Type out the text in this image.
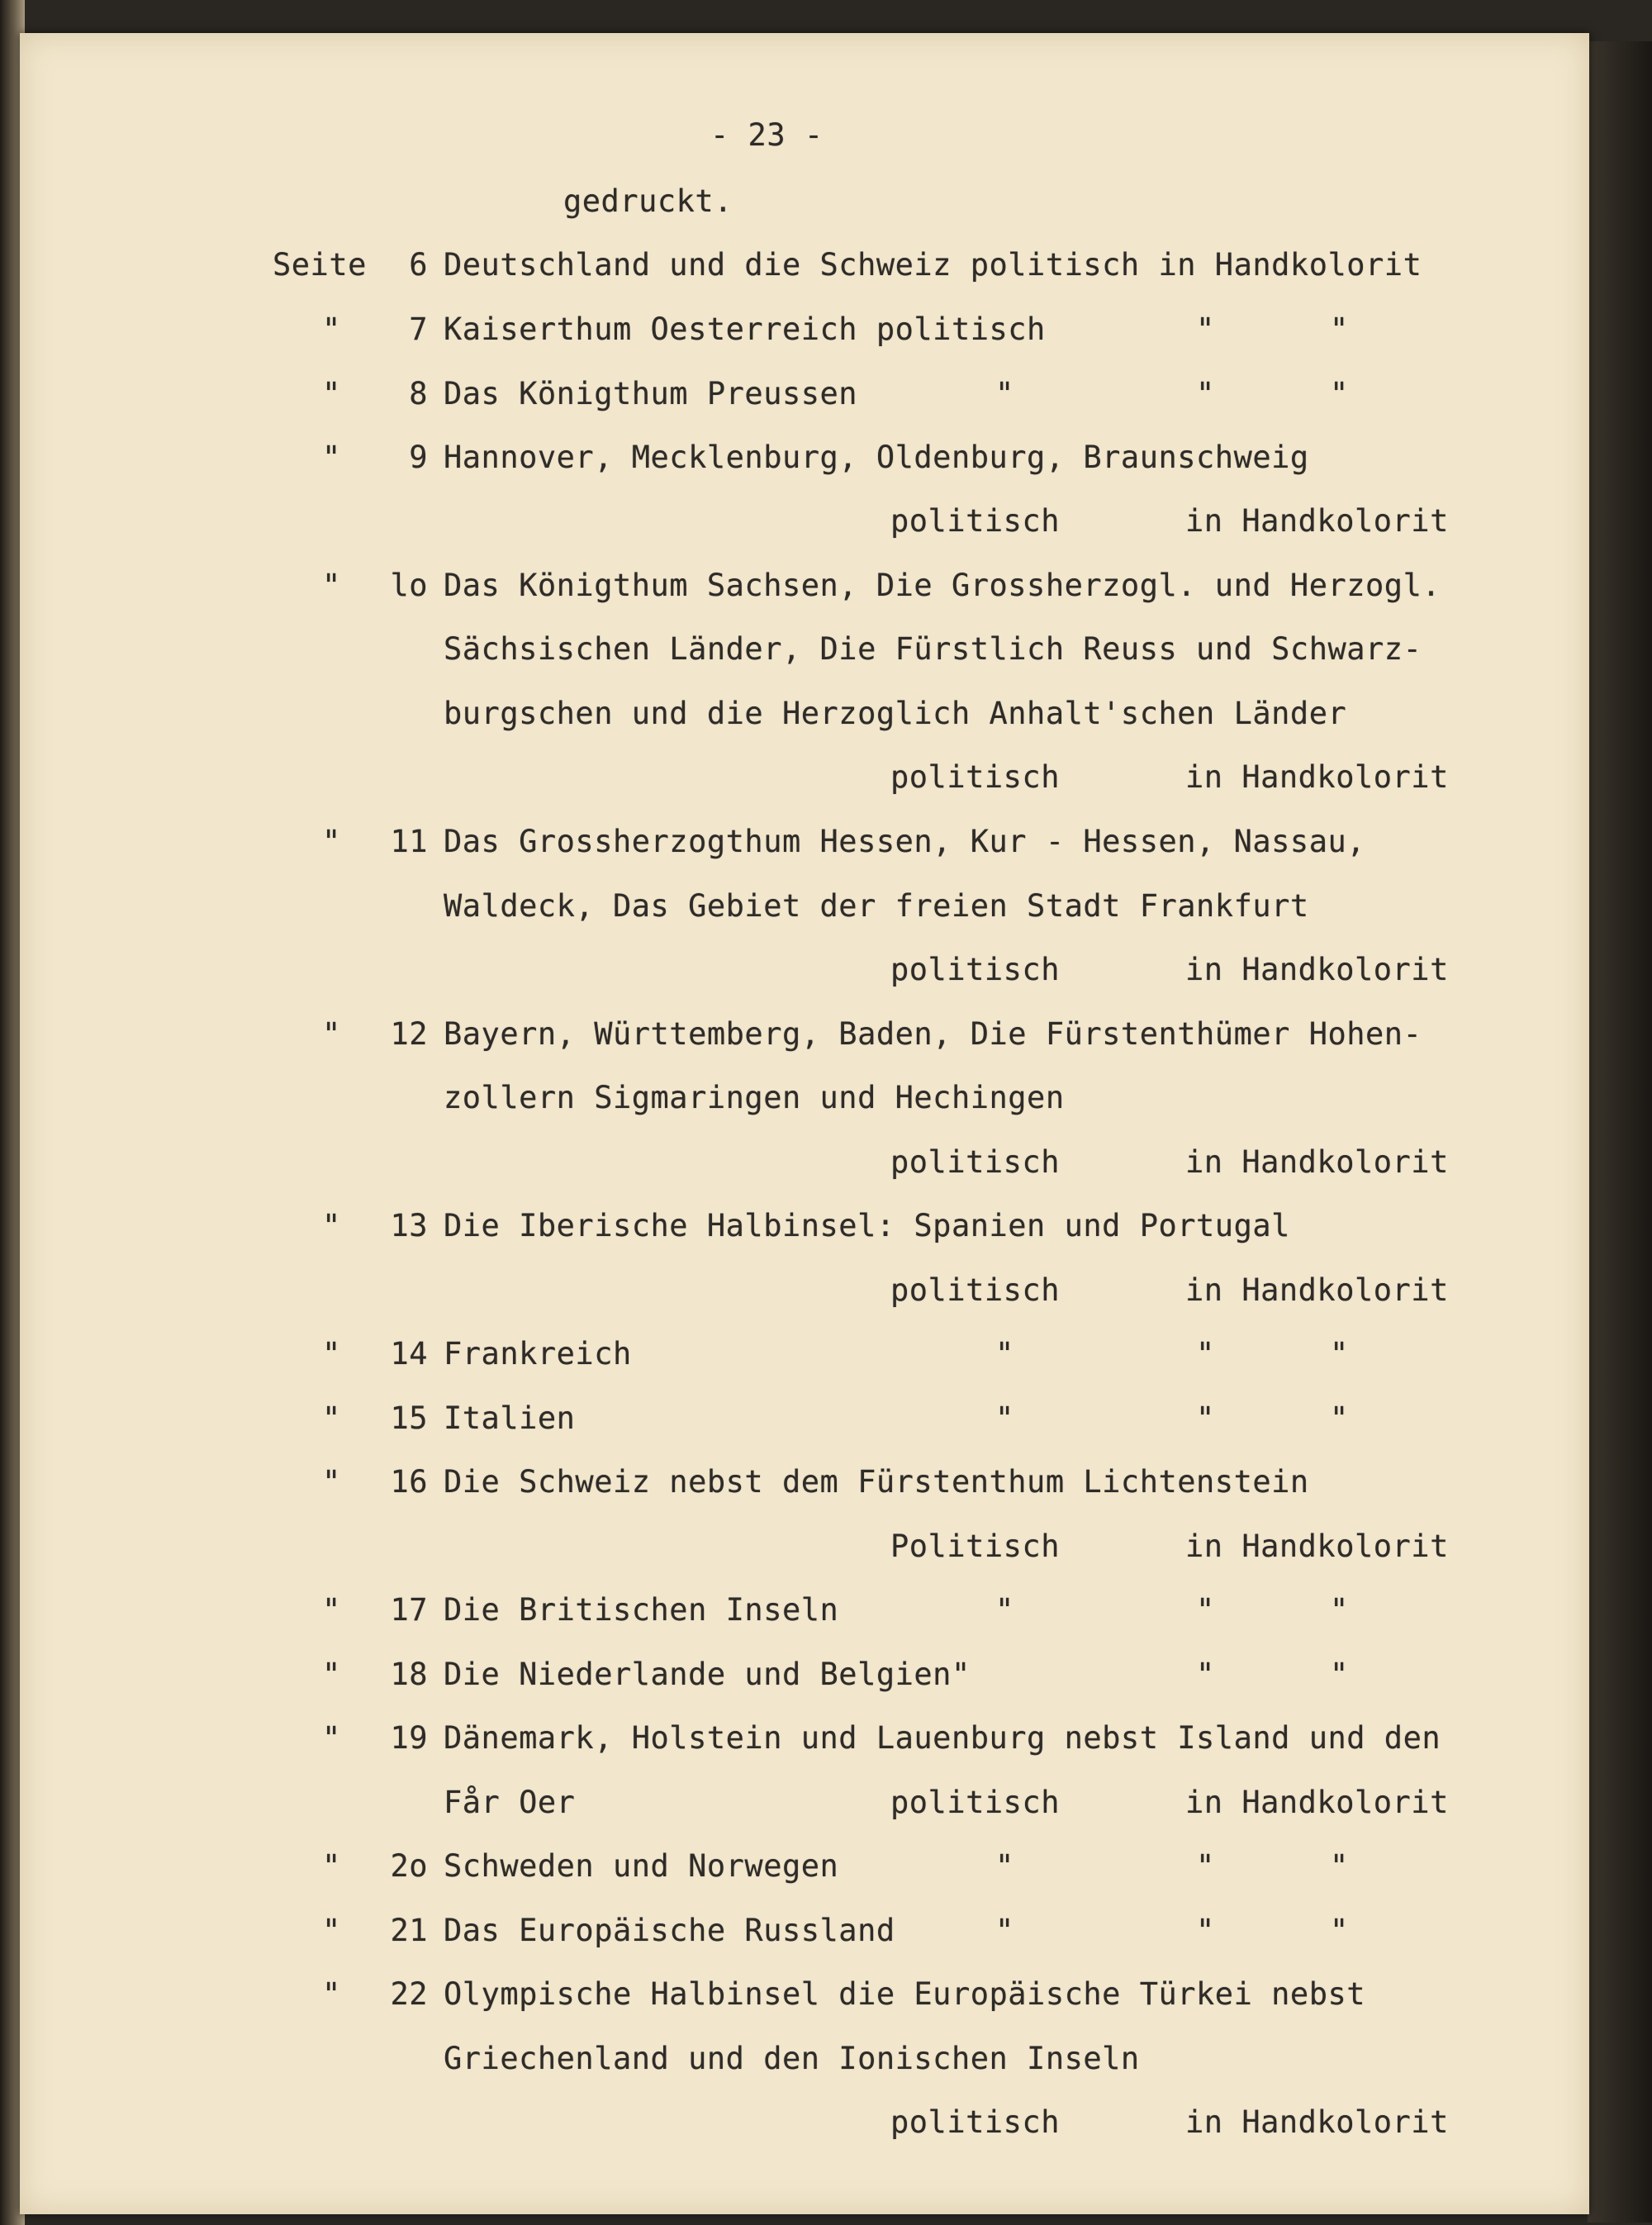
- 23 -
gedruckt.
Seite 6 Deutschland und die Schweiz politisch in Handkolorit
" 7 Kaiserthum Oesterreich politisch	"	"
" 8 Das Königthum Preussen	"	"	"
" 9 Hannover, Mecklenburg, Oldenburg, Braunschweig
politisch	in Handkolorit
" lo Das Königthum Sachsen, Die Grossherzogl. und Herzogl.
Sächsischen Länder, Die Fürstlich Reuss und Schwarz-
burgschen und die Herzoglich Anhalt'schen Länder
politisch	in Handkolorit
" 11 Das Grossherzogthum Hessen, Kur - Hessen, Nassau,
Waldeck, Das Gebiet der freien Stadt Frankfurt
politisch	in Handkolorit
" 12 Bayern, Württemberg, Baden, Die Fürstenthümer Hohen-
zollern Sigmaringen und Hechingen
politisch	in Handkolorit
" 13 Die Iberische Halbinsel: Spanien und Portugal
politisch	in Handkolorit
" 14 Frankreich	"	"	"
" 15 Italien	"	"	"
" 16 Die Schweiz nebst dem Fürstenthum Lichtenstein
Politisch	in Handkolorit
" 17 Die Britischen Inseln	"	"	"
" 18 Die Niederlande und Belgien"	"	"
" 19 Dänemark, Holstein und Lauenburg nebst Island und den
Får Oer	politisch	in Handkolorit
" 2o Schweden und Norwegen	"	"	"
" 21 Das Europäische Russland	"	"	"
" 22 Olympische Halbinsel die Europäische Türkei nebst
Griechenland und den Ionischen Inseln
politisch	in Handkolorit
